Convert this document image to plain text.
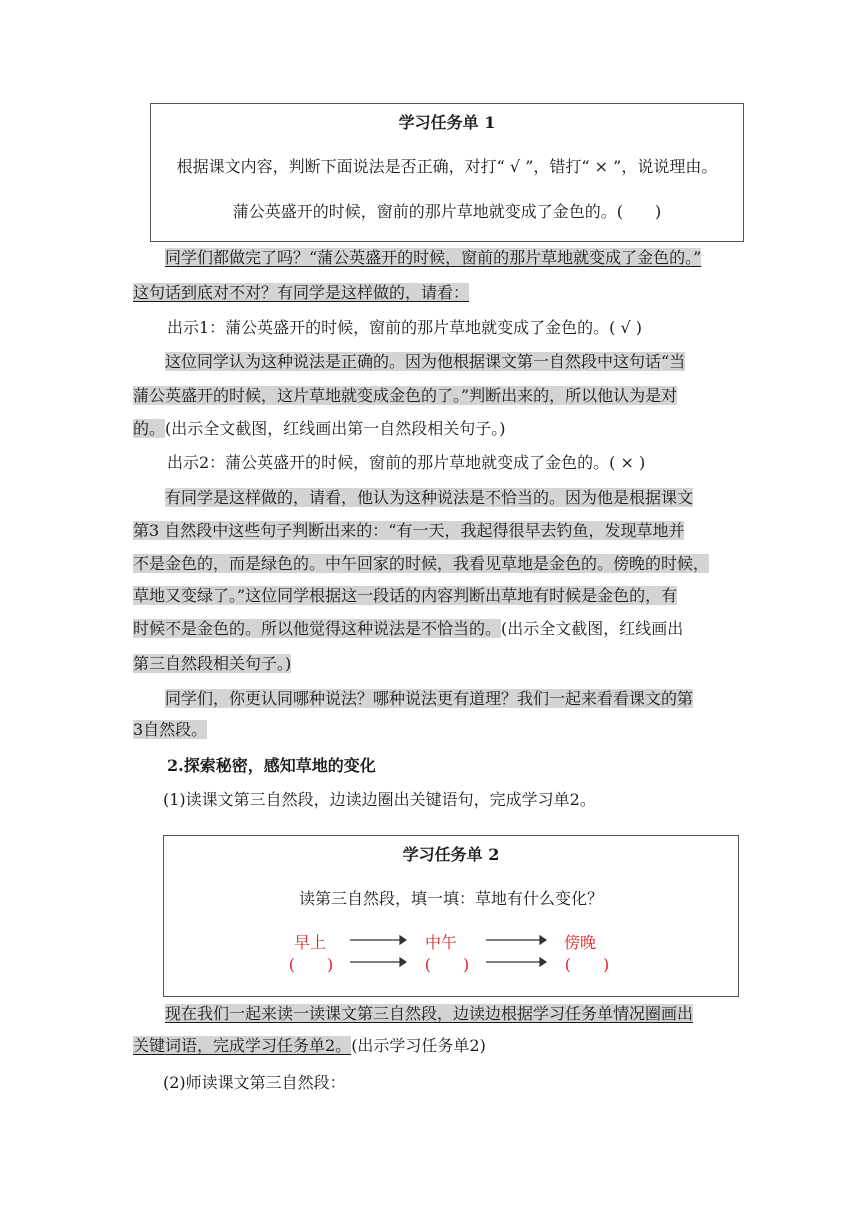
学习任务单 1
根据课文内容，判断下面说法是否正确，对打“ √ ”，错打“ × ”，说说理由。
蒲公英盛开的时候，窗前的那片草地就变成了金色的。(　　)
同学们都做完了吗？“蒲公英盛开的时候，窗前的那片草地就变成了金色的。”
这句话到底对不对？有同学是这样做的，请看：
出示1：蒲公英盛开的时候，窗前的那片草地就变成了金色的。( √ )
这位同学认为这种说法是正确的。因为他根据课文第一自然段中这句话“当
蒲公英盛开的时候，这片草地就变成金色的了。”判断出来的，所以他认为是对
的。(出示全文截图，红线画出第一自然段相关句子。)
出示2：蒲公英盛开的时候，窗前的那片草地就变成了金色的。( × )
有同学是这样做的，请看，他认为这种说法是不恰当的。因为他是根据课文
第3 自然段中这些句子判断出来的：“有一天，我起得很早去钓鱼，发现草地并
不是金色的，而是绿色的。中午回家的时候，我看见草地是金色的。傍晚的时候，
草地又变绿了。”这位同学根据这一段话的内容判断出草地有时候是金色的，有
时候不是金色的。所以他觉得这种说法是不恰当的。(出示全文截图，红线画出
第三自然段相关句子。)
同学们，你更认同哪种说法？哪种说法更有道理？我们一起来看看课文的第
3自然段。
2.探索秘密，感知草地的变化
(1)读课文第三自然段，边读边圈出关键语句，完成学习单2。
学习任务单 2
读第三自然段，填一填：草地有什么变化？
早上	中午	傍晚
(　　)	(　　)	(　　)
现在我们一起来读一读课文第三自然段，边读边根据学习任务单情况圈画出
关键词语，完成学习任务单2。(出示学习任务单2)
(2)师读课文第三自然段：
